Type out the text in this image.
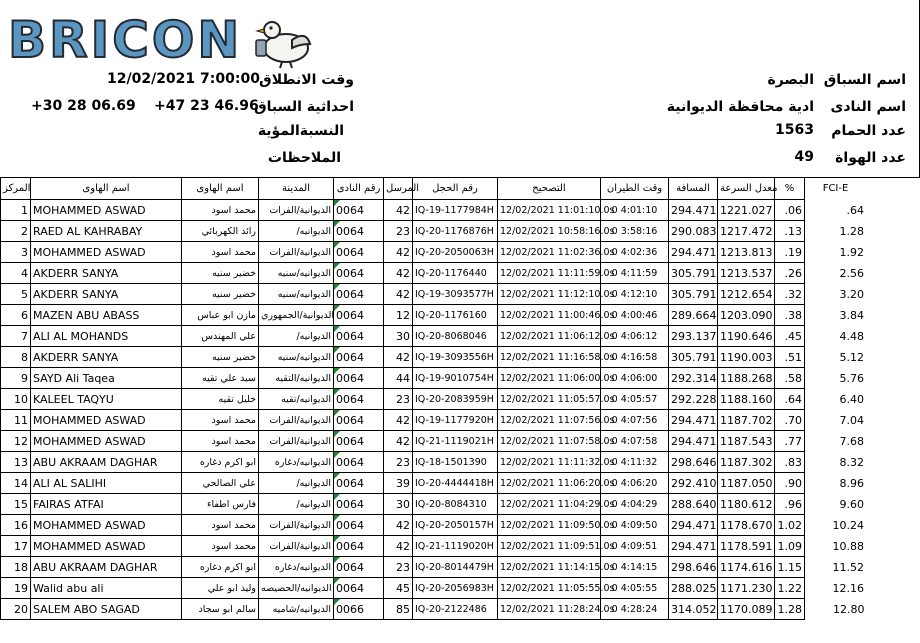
BRICON
اسم السباق
البصرة
اسم النادى
ادية محافظة الديوانية
عدد الحمام
1563
عدد الهواة
49
وقت الانطلاق
12/02/2021 7:00:00
احداثية السباق
+47 23 46.96
+30 28 06.69
النسبةالمؤية
الملاحظات
المركز	اسم الهاوى	اسم الهاوى	المدينة	رقم النادى	المرسل	رقم الحجل	التصحيح	وقت الطيران	المسافة	معدل السرعة	%	FCI-E
1	MOHAMMED ASWAD	محمد اسود	الديوانية/الفرات	0064	42	IQ-19-1177984H	12/02/2021 11:01:10.0s	0 4:01:10	294.471	1221.027	.06	.64
2	RAED AL KAHRABAY	رائد الكهربائي	/الديوانيه	0064	23	IQ-20-1176876H	12/02/2021 10:58:16.0s	0 3:58:16	290.083	1217.472	.13	1.28
3	MOHAMMED ASWAD	محمد اسود	الديوانية/الفرات	0064	42	IQ-20-2050063H	12/02/2021 11:02:36.0s	0 4:02:36	294.471	1213.813	.19	1.92
4	AKDERR SANYA	خضير سنيه	الديوانيه/سنيه	0064	42	IQ-20-1176440	12/02/2021 11:11:59.0s	0 4:11:59	305.791	1213.537	.26	2.56
5	AKDERR SANYA	خضير سنيه	الديوانيه/سنيه	0064	42	IQ-19-3093577H	12/02/2021 11:12:10.0s	0 4:12:10	305.791	1212.654	.32	3.20
6	MAZEN ABU ABASS	مازن ابو عباس	الديوانية/الجمهوري	0064	12	IQ-20-1176160	12/02/2021 11:00:46.0s	0 4:00:46	289.664	1203.090	.38	3.84
7	ALI AL MOHANDS	علي المهندس	/الديوانيه	0064	30	IQ-20-8068046	12/02/2021 11:06:12.0s	0 4:06:12	293.137	1190.646	.45	4.48
8	AKDERR SANYA	خضير سنيه	الديوانيه/سنيه	0064	42	IQ-19-3093556H	12/02/2021 11:16:58.0s	0 4:16:58	305.791	1190.003	.51	5.12
9	SAYD Ali Taqea	سيد علي تقيه	الديوانيه/التقيه	0064	44	IQ-19-9010754H	12/02/2021 11:06:00.0s	0 4:06:00	292.314	1188.268	.58	5.76
10	KALEEL TAQYU	خليل تقيه	الديوانيه/تقيه	0064	23	IQ-20-2083959H	12/02/2021 11:05:57.0s	0 4:05:57	292.228	1188.160	.64	6.40
11	MOHAMMED ASWAD	محمد اسود	الديوانية/الفرات	0064	42	IQ-19-1177920H	12/02/2021 11:07:56.0s	0 4:07:56	294.471	1187.702	.70	7.04
12	MOHAMMED ASWAD	محمد اسود	الديوانية/الفرات	0064	42	IQ-21-1119021H	12/02/2021 11:07:58.0s	0 4:07:58	294.471	1187.543	.77	7.68
13	ABU AKRAAM DAGHAR	ابو اكرم دغاره	الديوانيه/دغاره	0064	23	IQ-18-1501390	12/02/2021 11:11:32.0s	0 4:11:32	298.646	1187.302	.83	8.32
14	ALI AL SALIHI	علي الصالحي	/الديوانيه	0064	39	IO-20-4444418H	12/02/2021 11:06:20.0s	0 4:06:20	292.410	1187.050	.90	8.96
15	FAIRAS ATFAI	فارس اطفاء	/الديوانيه	0064	30	IQ-20-8084310	12/02/2021 11:04:29.0s	0 4:04:29	288.640	1180.612	.96	9.60
16	MOHAMMED ASWAD	محمد اسود	الديوانية/الفرات	0064	42	IQ-20-2050157H	12/02/2021 11:09:50.0s	0 4:09:50	294.471	1178.670	1.02	10.24
17	MOHAMMED ASWAD	محمد اسود	الديوانية/الفرات	0064	42	IQ-21-1119020H	12/02/2021 11:09:51.0s	0 4:09:51	294.471	1178.591	1.09	10.88
18	ABU AKRAAM DAGHAR	ابو اكرم دغاره	الديوانيه/دغاره	0064	23	IQ-20-8014479H	12/02/2021 11:14:15.0s	0 4:14:15	298.646	1174.616	1.15	11.52
19	Walid abu ali	وليد ابو علي	الديوانيه/الحصيصه	0064	45	IQ-20-2056983H	12/02/2021 11:05:55.0s	0 4:05:55	288.025	1171.230	1.22	12.16
20	SALEM ABO SAGAD	سالم ابو سجاد	الديوانيه/شاميه	0066	85	IQ-20-2122486	12/02/2021 11:28:24.0s	0 4:28:24	314.052	1170.089	1.28	12.80
